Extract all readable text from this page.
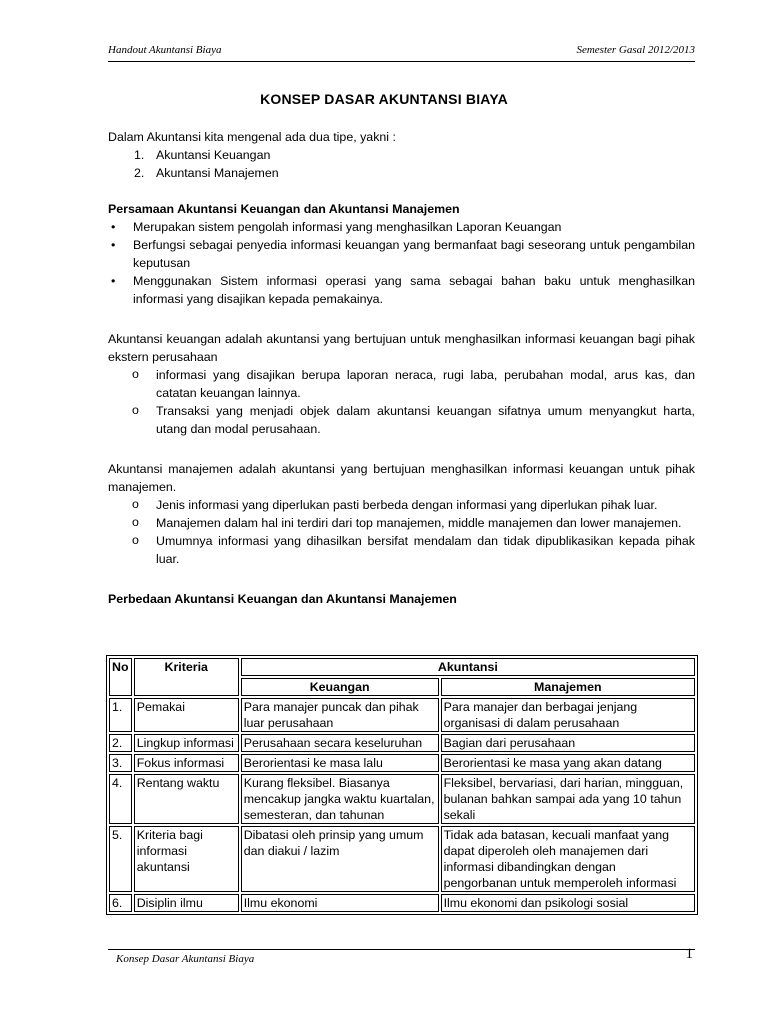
Handout Akuntansi Biaya	Semester Gasal 2012/2013
KONSEP DASAR AKUNTANSI BIAYA

Dalam Akuntansi kita mengenal ada dua tipe, yakni :

1. Akuntansi Keuangan
2. Akuntansi Manajemen

Persamaan Akuntansi Keuangan dan Akuntansi Manajemen

• Merupakan sistem pengolah informasi yang menghasilkan Laporan Keuangan
• Berfungsi sebagai penyedia informasi keuangan yang bermanfaat bagi seseorang untuk pengambilan keputusan
• Menggunakan Sistem informasi operasi yang sama sebagai bahan baku untuk menghasilkan informasi yang disajikan kepada pemakainya.

Akuntansi keuangan adalah akuntansi yang bertujuan untuk menghasilkan informasi keuangan bagi pihak ekstern perusahaan

o informasi yang disajikan berupa laporan neraca, rugi laba, perubahan modal, arus kas, dan catatan keuangan lainnya.
o Transaksi yang menjadi objek dalam akuntansi keuangan sifatnya umum menyangkut harta, utang dan modal perusahaan.

Akuntansi manajemen adalah akuntansi yang bertujuan menghasilkan informasi keuangan untuk pihak manajemen.

o Jenis informasi yang diperlukan pasti berbeda dengan informasi yang diperlukan pihak luar.
o Manajemen dalam hal ini terdiri dari top manajemen, middle manajemen dan lower manajemen.
o Umumnya informasi yang dihasilkan bersifat mendalam dan tidak dipublikasikan kepada pihak luar.

Perbedaan Akuntansi Keuangan dan Akuntansi Manajemen

No	Kriteria	Akuntansi	
		Keuangan	Manajemen
1.	Pemakai	Para manajer puncak dan pihak luar perusahaan	Para manajer dan berbagai jenjang organisasi di dalam perusahaan
2.	Lingkup informasi	Perusahaan secara keseluruhan	Bagian dari perusahaan
3.	Fokus informasi	Berorientasi ke masa lalu	Berorientasi ke masa yang akan datang
4.	Rentang waktu	Kurang fleksibel. Biasanya mencakup jangka waktu kuartalan, semesteran, dan tahunan	Fleksibel, bervariasi, dari harian, mingguan, bulanan bahkan sampai ada yang 10 tahun sekali
5.	Kriteria bagi informasi akuntansi	Dibatasi oleh prinsip yang umum dan diakui / lazim	Tidak ada batasan, kecuali manfaat yang dapat diperoleh oleh manajemen dari informasi dibandingkan dengan pengorbanan untuk memperoleh informasi
6.	Disiplin ilmu	Ilmu ekonomi	Ilmu ekonomi dan psikologi sosial
Konsep Dasar Akuntansi Biaya	1
